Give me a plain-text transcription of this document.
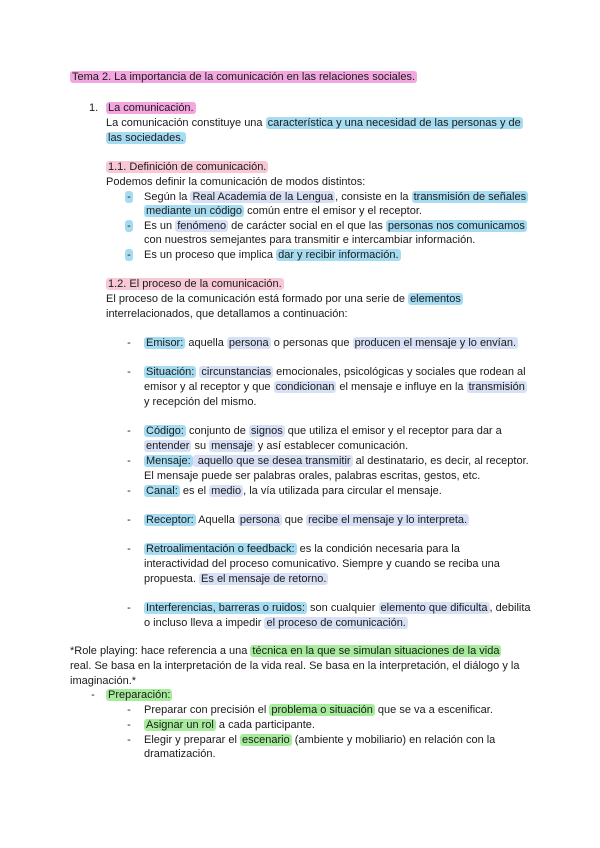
Tema 2. La importancia de la comunicación en las relaciones sociales.
1. La comunicación.
La comunicación constituye una característica y una necesidad de las personas y de
las sociedades.
1.1. Definición de comunicación.
Podemos definir la comunicación de modos distintos:
- Según la Real Academia de la Lengua , consiste en la transmisión de señales
mediante un código común entre el emisor y el receptor.
- Es un fenómeno de carácter social en el que las personas nos comunicamos
con nuestros semejantes para transmitir e intercambiar información.
- Es un proceso que implica dar y recibir información.
1.2. El proceso de la comunicación.
El proceso de la comunicación está formado por una serie de elementos
interrelacionados, que detallamos a continuación:
- Emisor: aquella persona o personas que producen el mensaje y lo envían.
- Situación: circunstancias emocionales, psicológicas y sociales que rodean al
emisor y al receptor y que condicionan el mensaje e influye en la transmisión
y recepción del mismo.
- Código: conjunto de signos que utiliza el emisor y el receptor para dar a
entender su mensaje y así establecer comunicación.
- Mensaje: aquello que se desea transmitir al destinatario, es decir, al receptor.
El mensaje puede ser palabras orales, palabras escritas, gestos, etc.
- Canal: es el medio , la vía utilizada para circular el mensaje.
- Receptor: Aquella persona que recibe el mensaje y lo interpreta.
- Retroalimentación o feedback: es la condición necesaria para la
interactividad del proceso comunicativo. Siempre y cuando se reciba una
propuesta. Es el mensaje de retorno.
- Interferencias, barreras o ruidos: son cualquier elemento que dificulta , debilita
o incluso lleva a impedir el proceso de comunicación.
*Role playing: hace referencia a una técnica en la que se simulan situaciones de la vida
real. Se basa en la interpretación de la vida real. Se basa en la interpretación, el diálogo y la
imaginación.*
- Preparación:
- Preparar con precisión el problema o situación que se va a escenificar.
- Asignar un rol a cada participante.
- Elegir y preparar el escenario (ambiente y mobiliario) en relación con la
dramatización.
